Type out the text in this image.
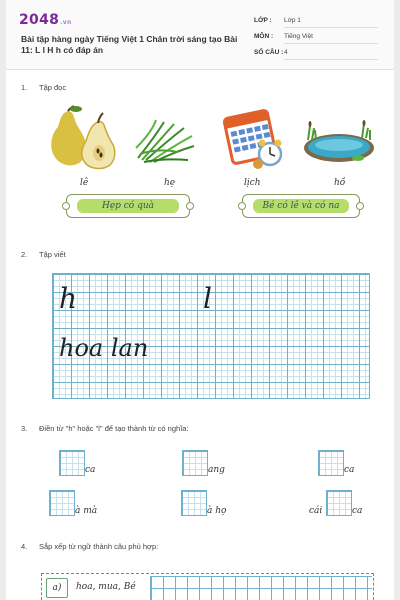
2048.vn
Bài tập hàng ngày Tiếng Việt 1 Chân trời sáng tạo Bài 11: L l H h có đáp án
LỚP :	Lớp 1
MÔN :	Tiếng Việt
SỐ CÂU : 4
1. Tập đọc
lê	hẹ	lịch	hồ
Hẹp có quà	Bé có lê và có na
2. Tập viết
h	l
hoa lan
3. Điền từ "h" hoặc "l" để tạo thành từ có nghĩa:
ca	ang	ca
à mà	à họ	cái	ca
4. Sắp xếp từ ngữ thành câu phù hợp:
a)	hoa, mua, Bé
